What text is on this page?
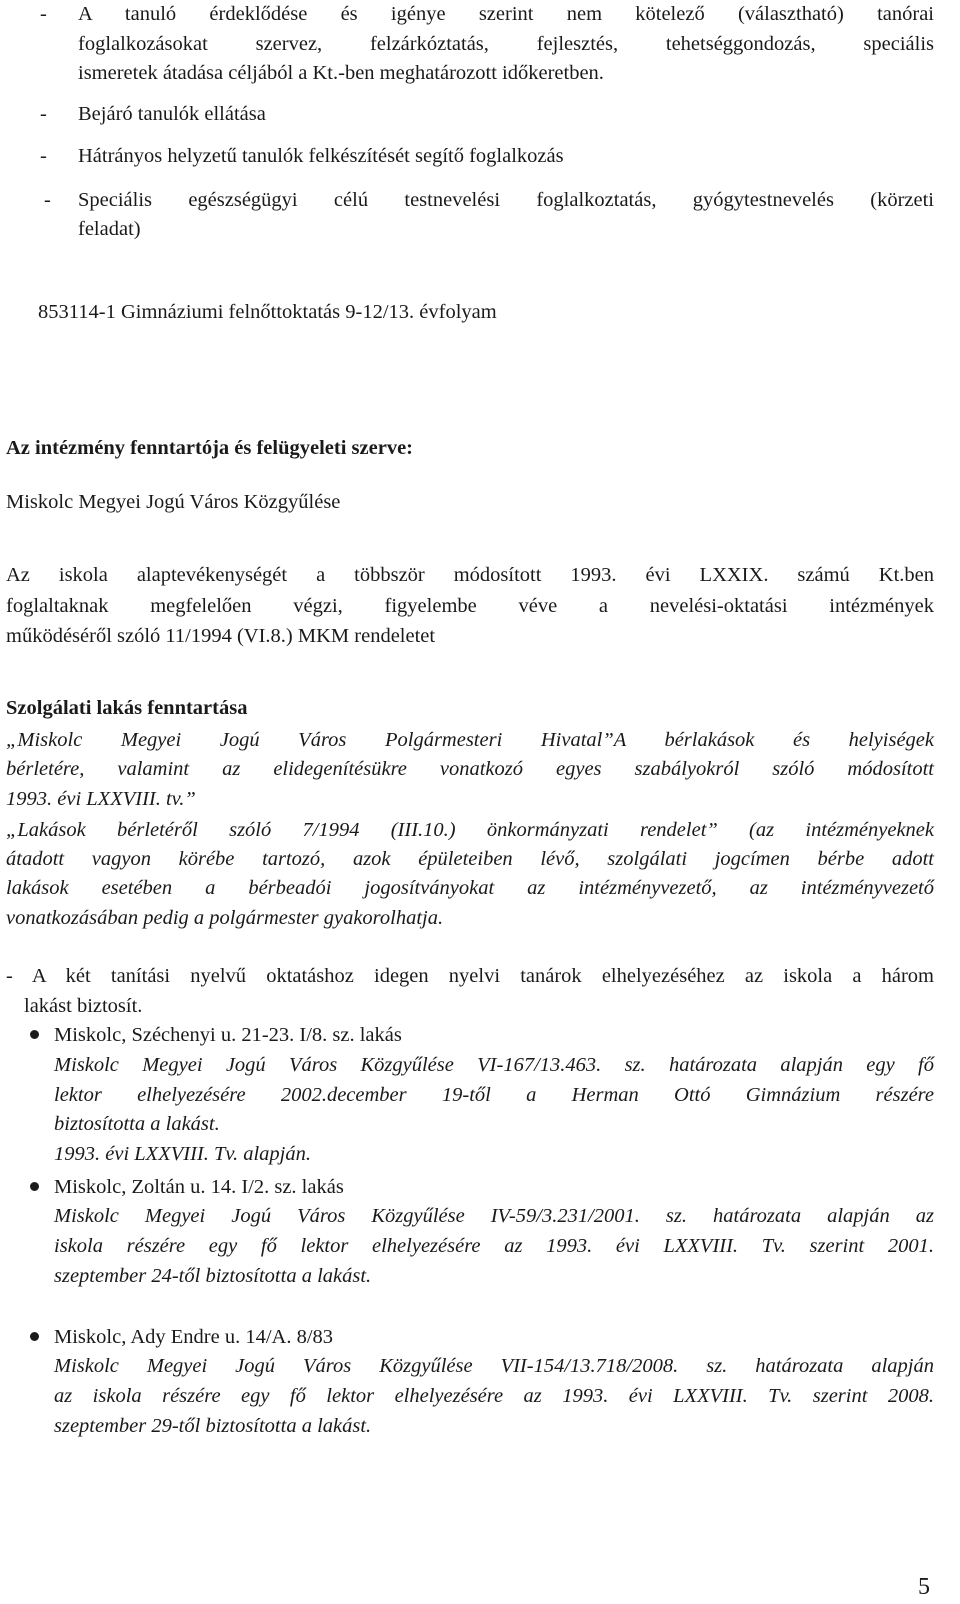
- A tanuló érdeklődése és igénye szerint nem kötelező (választható) tanórai
foglalkozásokat szervez, felzárkóztatás, fejlesztés, tehetséggondozás, speciális
ismeretek átadása céljából a Kt.-ben meghatározott időkeretben.
- Bejáró tanulók ellátása
- Hátrányos helyzetű tanulók felkészítését segítő foglalkozás
- Speciális egészségügyi célú testnevelési foglalkoztatás, gyógytestnevelés (körzeti
feladat)
853114-1 Gimnáziumi felnőttoktatás 9-12/13. évfolyam
Az intézmény fenntartója és felügyeleti szerve:
Miskolc Megyei Jogú Város Közgyűlése
Az iskola alaptevékenységét a többször módosított 1993. évi LXXIX. számú Kt.ben
foglaltaknak megfelelően végzi, figyelembe véve a nevelési-oktatási intézmények
működéséről szóló 11/1994 (VI.8.) MKM rendeletet
Szolgálati lakás fenntartása
„Miskolc Megyei Jogú Város Polgármesteri Hivatal”A bérlakások és helyiségek
bérletére, valamint az elidegenítésükre vonatkozó egyes szabályokról szóló módosított
1993. évi LXXVIII. tv.”
„Lakások bérletéről szóló 7/1994 (III.10.) önkormányzati rendelet” (az intézményeknek
átadott vagyon körébe tartozó, azok épületeiben lévő, szolgálati jogcímen bérbe adott
lakások esetében a bérbeadói jogosítványokat az intézményvezető, az intézményvezető
vonatkozásában pedig a polgármester gyakorolhatja.
- A két tanítási nyelvű oktatáshoz idegen nyelvi tanárok elhelyezéséhez az iskola a három
lakást biztosít.
Miskolc, Széchenyi u. 21-23. I/8. sz. lakás
Miskolc Megyei Jogú Város Közgyűlése VI-167/13.463. sz. határozata alapján egy fő
lektor elhelyezésére 2002.december 19-től a Herman Ottó Gimnázium részére
biztosította a lakást.
1993. évi LXXVIII. Tv. alapján.
Miskolc, Zoltán u. 14. I/2. sz. lakás
Miskolc Megyei Jogú Város Közgyűlése IV-59/3.231/2001. sz. határozata alapján az
iskola részére egy fő lektor elhelyezésére az 1993. évi LXXVIII. Tv. szerint 2001.
szeptember 24-től biztosította a lakást.
Miskolc, Ady Endre u. 14/A. 8/83
Miskolc Megyei Jogú Város Közgyűlése VII-154/13.718/2008. sz. határozata alapján
az iskola részére egy fő lektor elhelyezésére az 1993. évi LXXVIII. Tv. szerint 2008.
szeptember 29-től biztosította a lakást.
5
